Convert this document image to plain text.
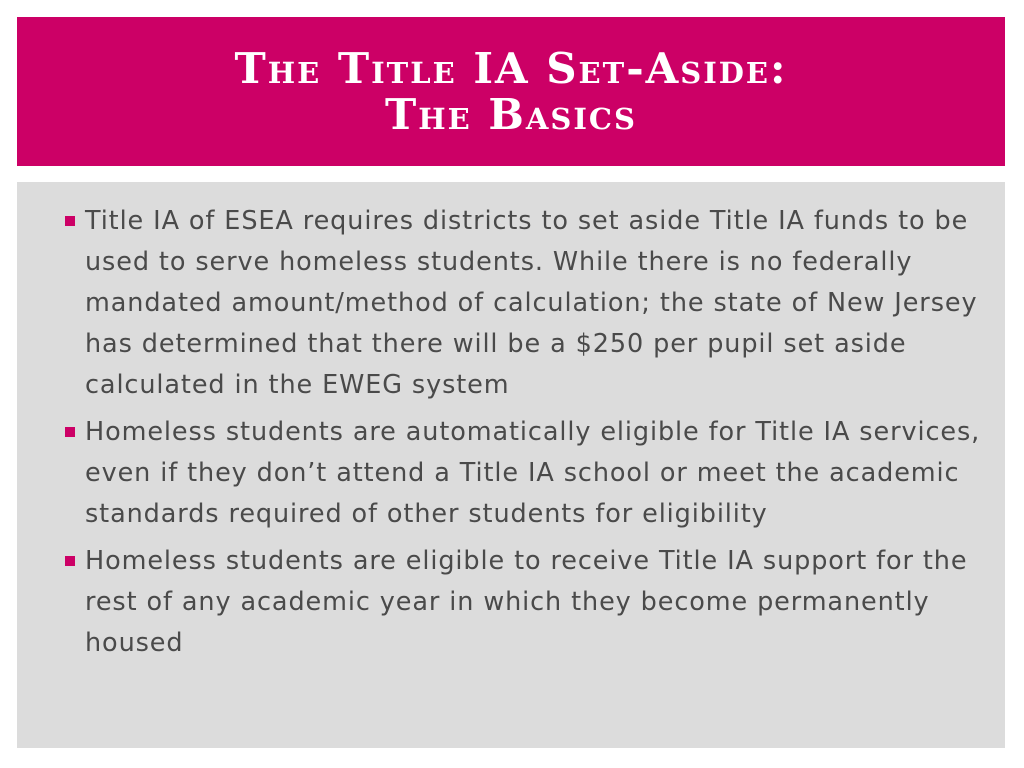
The Title IA Set-Aside:
The Basics
Title IA of ESEA requires districts to set aside Title IA funds to be used to serve homeless students. While there is no federally mandated amount/method of calculation; the state of New Jersey has determined that there will be a $250 per pupil set aside calculated in the EWEG system
Homeless students are automatically eligible for Title IA services, even if they don’t attend a Title IA school or meet the academic standards required of other students for eligibility
Homeless students are eligible to receive Title IA support for the rest of any academic year in which they become permanently housed
